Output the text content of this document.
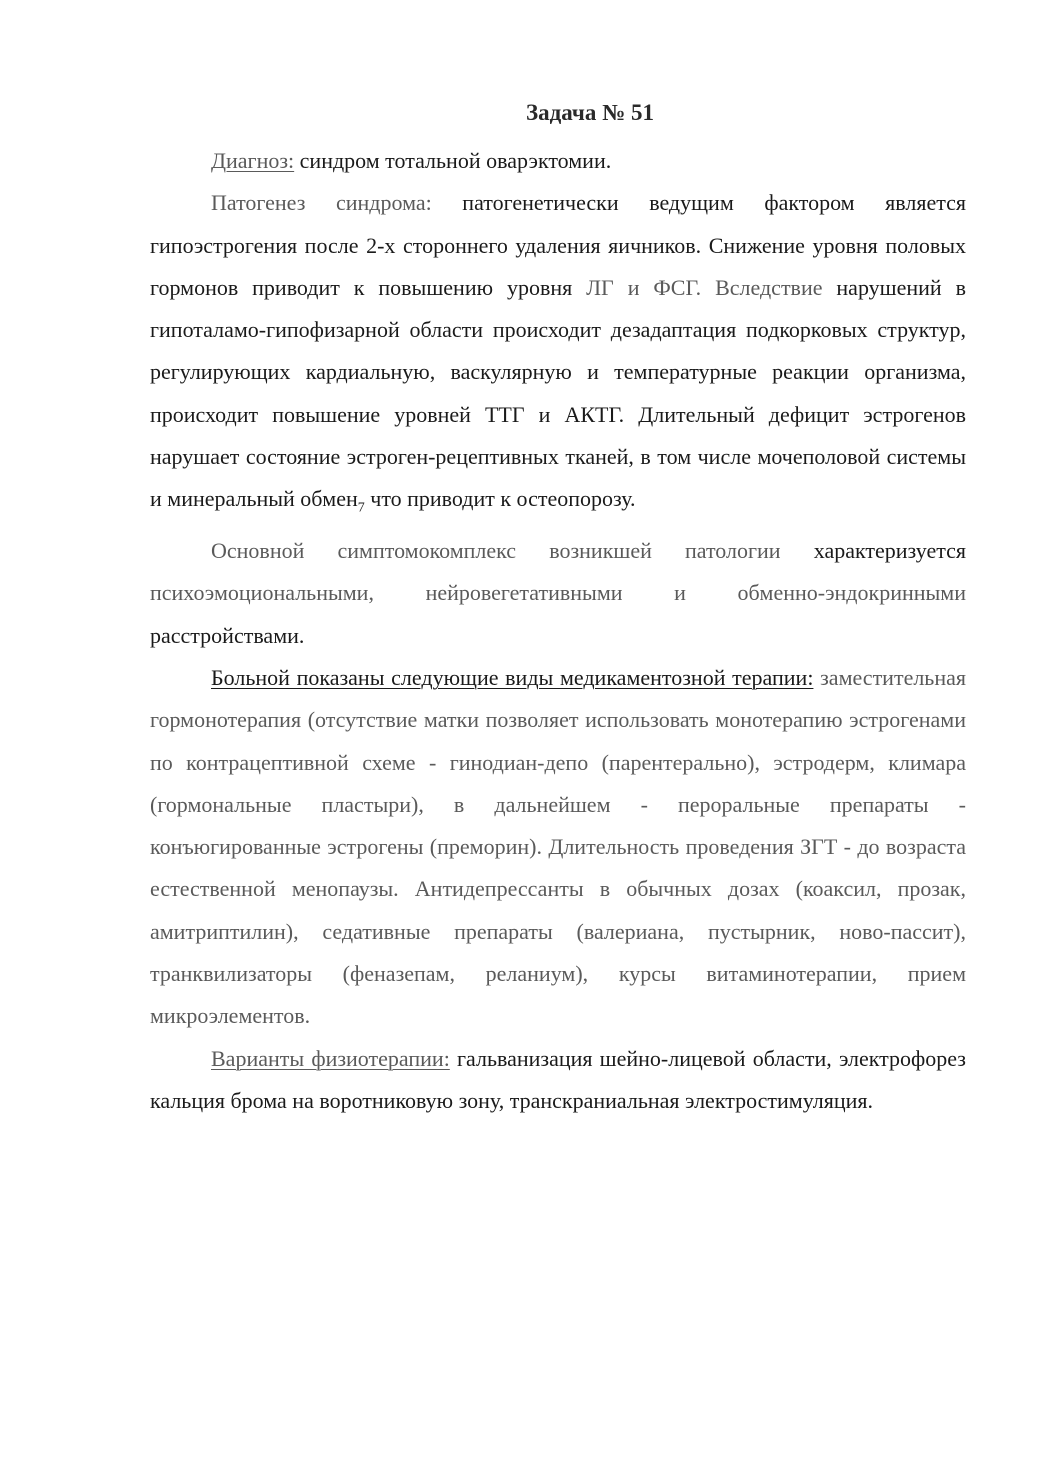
Задача № 51

Диагноз: синдром тотальной оварэктомии.

Патогенез синдрома: патогенетически ведущим фактором является гипоэстрогения после 2-х стороннего удаления яичников. Снижение уровня половых гормонов приводит к повышению уровня ЛГ и ФСГ. Вследствие нарушений в гипоталамо-гипофизарной области происходит дезадаптация подкорковых структур, регулирующих кардиальную, васкулярную и температурные реакции организма, происходит повышение уровней ТТГ и АКТГ. Длительный дефицит эстрогенов нарушает состояние эстроген-рецептивных тканей, в том числе мочеполовой системы и минеральный обмен$_7$ что приводит к остеопорозу.

Основной симптомокомплекс возникшей патологии характеризуется психоэмоциональными, нейровегетативными и обменно-эндокринными расстройствами.

Больной показаны следующие виды медикаментозной терапии: заместительная гормонотерапия (отсутствие матки позволяет использовать монотерапию эстрогенами по контрацептивной схеме - гинодиан-депо (парентерально), эстродерм, климара (гормональные пластыри), в дальнейшем - пероральные препараты - конъюгированные эстрогены (преморин). Длительность проведения ЗГТ - до возраста естественной менопаузы. Антидепрессанты в обычных дозах (коаксил, прозак, амитриптилин), седативные препараты (валериана, пустырник, ново-пассит), транквилизаторы (феназепам, реланиум), курсы витаминотерапии, прием микроэлементов.

Варианты физиотерапии: гальванизация шейно-лицевой области, электрофорез кальция брома на воротниковую зону, транскраниальная электростимуляция.
